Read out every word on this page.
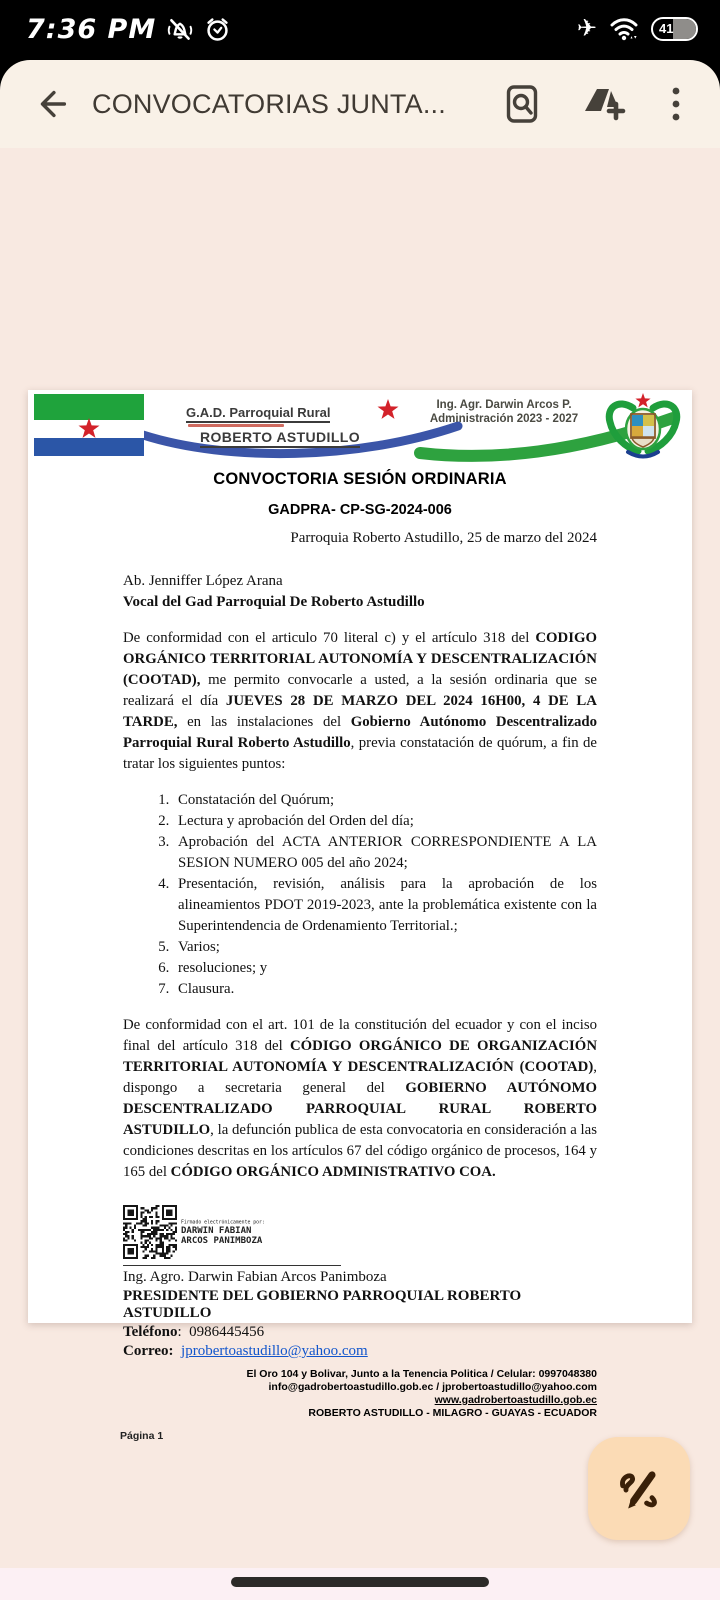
7:36 PM	✈	41
CONVOCATORIAS JUNTA...
G.A.D. Parroquial Rural
ROBERTO ASTUDILLO
Ing. Agr. Darwin Arcos P.
Administración 2023 - 2027
CONVOCTORIA SESIÓN ORDINARIA
GADPRA- CP-SG-2024-006
Parroquia Roberto Astudillo, 25 de marzo del 2024
Ab. Jenniffer López Arana
Vocal del Gad Parroquial De Roberto Astudillo

De conformidad con el articulo 70 literal c) y el artículo 318 del CODIGO ORGÁNICO TERRITORIAL AUTONOMÍA Y DESCENTRALIZACIÓN (COOTAD), me permito convocarle a usted, a la sesión ordinaria que se realizará el día JUEVES 28 DE MARZO DEL 2024 16H00, 4 DE LA TARDE, en las instalaciones del Gobierno Autónomo Descentralizado Parroquial Rural Roberto Astudillo, previa constatación de quórum, a fin de tratar los siguientes puntos:

1. Constatación del Quórum;
2. Lectura y aprobación del Orden del día;
3. Aprobación del ACTA ANTERIOR CORRESPONDIENTE A LA SESION NUMERO 005 del año 2024;
4. Presentación, revisión, análisis para la aprobación de los alineamientos PDOT 2019-2023, ante la problemática existente con la Superintendencia de Ordenamiento Territorial.;
5. Varios;
6. resoluciones; y
7. Clausura.

De conformidad con el art. 101 de la constitución del ecuador y con el inciso final del artículo 318 del CÓDIGO ORGÁNICO DE ORGANIZACIÓN TERRITORIAL AUTONOMÍA Y DESCENTRALIZACIÓN (COOTAD), dispongo a secretaria general del GOBIERNO AUTÓNOMO DESCENTRALIZADO PARROQUIAL RURAL ROBERTO ASTUDILLO, la defunción publica de esta convocatoria en consideración a las condiciones descritas en los artículos 67 del código orgánico de procesos, 164 y 165 del CÓDIGO ORGÁNICO ADMINISTRATIVO COA.

Firmado electrónicamente por:
DARWIN FABIAN
ARCOS PANIMBOZA
Ing. Agro. Darwin Fabian Arcos Panimboza
PRESIDENTE DEL GOBIERNO PARROQUIAL ROBERTO ASTUDILLO
Teléfono:  0986445456
Correo: jprobertoastudillo@yahoo.com
El Oro 104 y Bolivar, Junto a la Tenencia Politica / Celular: 0997048380
info@gadrobertoastudillo.gob.ec / jprobertoastudillo@yahoo.com
www.gadrobertoastudillo.gob.ec
ROBERTO ASTUDILLO - MILAGRO - GUAYAS - ECUADOR
Página 1
